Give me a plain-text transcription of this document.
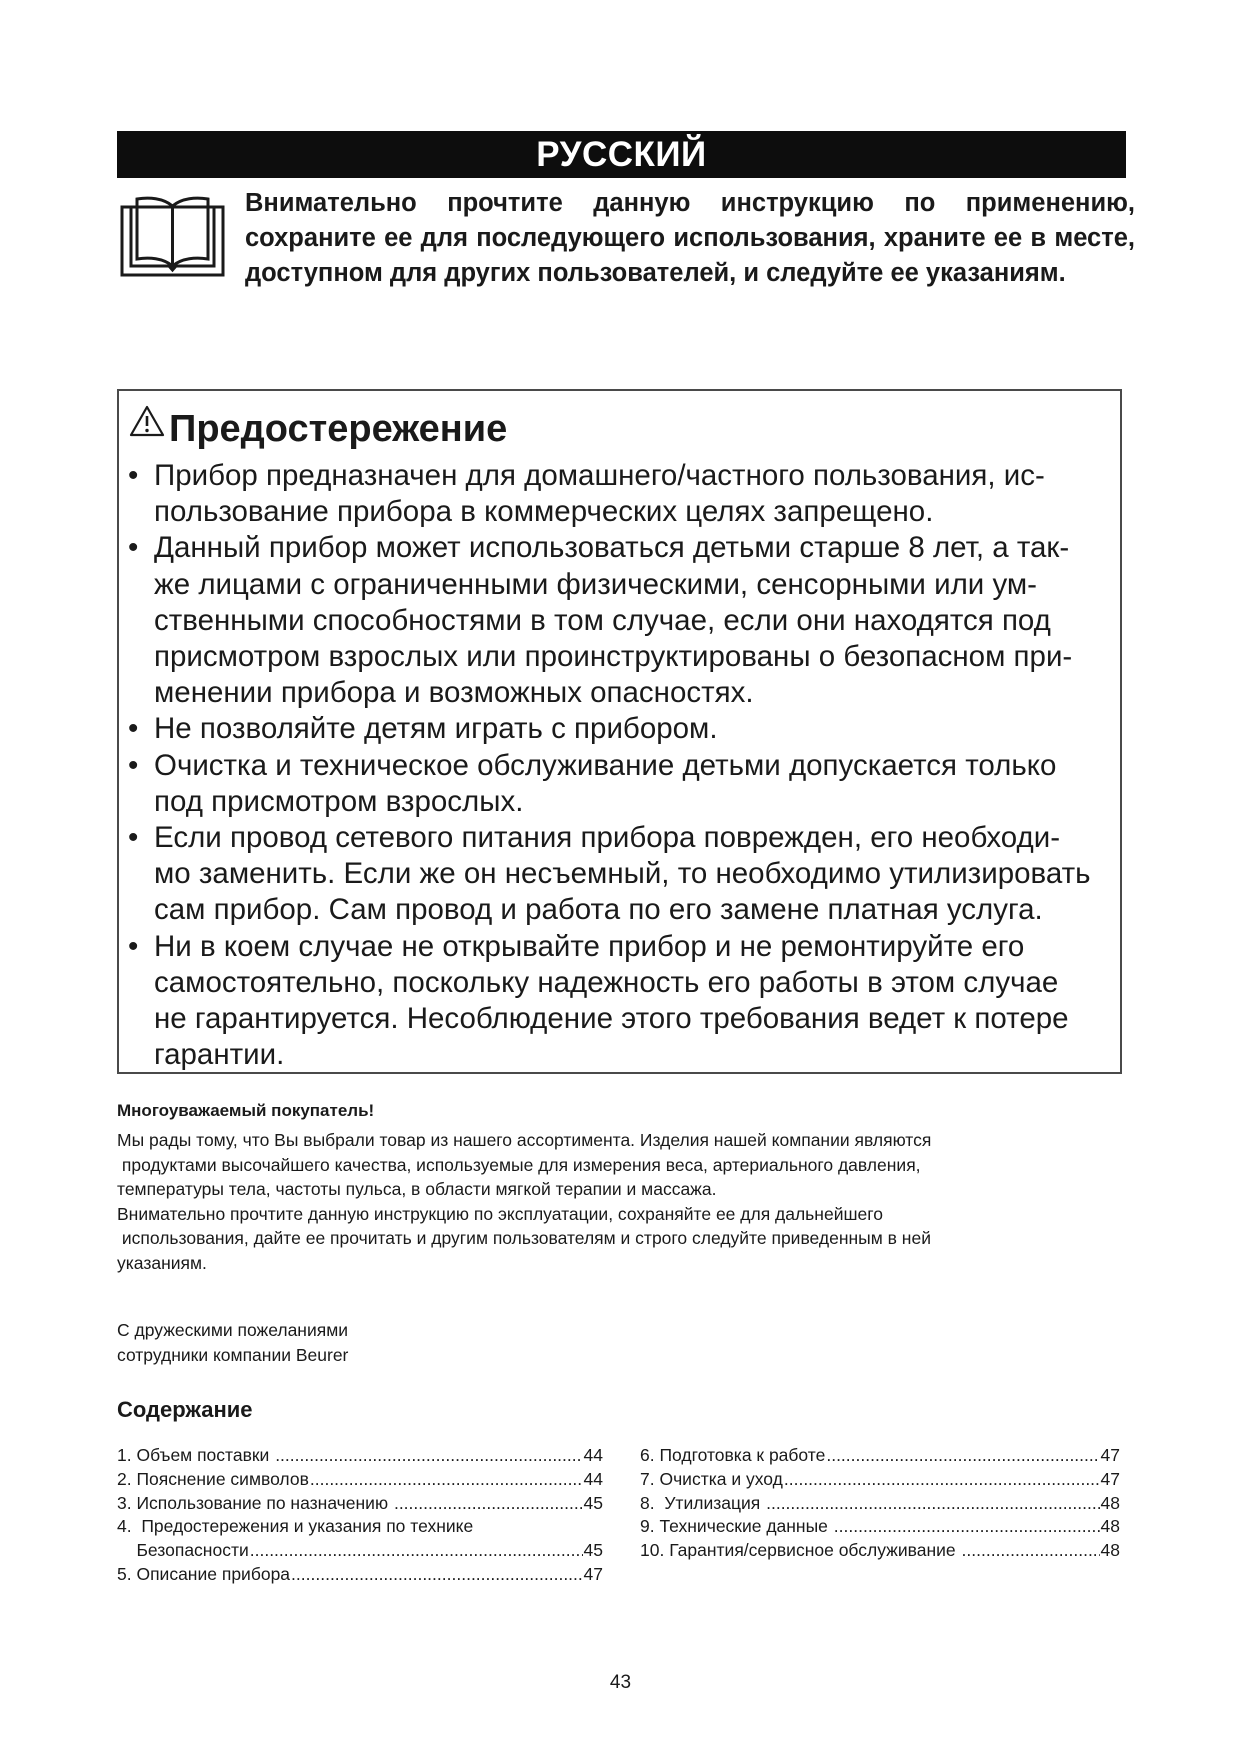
РУССКИЙ
Внимательно прочтите данную инструкцию по применению, сохраните ее для последующего использования, храните ее в месте, доступном для других пользователей, и следуйте ее указаниям.
Предостережение
• Прибор предназначен для домашнего/частного пользования, ис-
пользование прибора в коммерческих целях запрещено.
• Данный прибор может использоваться детьми старше 8 лет, а так-
же лицами с ограниченными физическими, сенсорными или ум-
ственными способностями в том случае, если они находятся под
присмотром взрослых или проинструктированы о безопасном при-
менении прибора и возможных опасностях.
• Не позволяйте детям играть с прибором.
• Очистка и техническое обслуживание детьми допускается только
под присмотром взрослых.
• Если провод сетевого питания прибора поврежден, его необходи-
мо заменить. Если же он несъемный, то необходимо утилизировать
сам прибор. Сам провод и работа по его замене платная услуга.
• Ни в коем случае не открывайте прибор и не ремонтируйте его
самостоятельно, поскольку надежность его работы в этом случае
не гарантируется. Несоблюдение этого требования ведет к потере
гарантии.
Многоуважаемый покупатель!

Мы рады тому, что Вы выбрали товар из нашего ассортимента. Изделия нашей компании являются

продуктами высочайшего качества, используемые для измерения веса, артериального давления,

температуры тела, частоты пульса, в области мягкой терапии и массажа.

Внимательно прочтите данную инструкцию по эксплуатации, сохраняйте ее для дальнейшего

использования, дайте ее прочитать и другим пользователям и строго следуйте приведенным в ней

указаниям.

С дружескими пожеланиями

сотрудники компании Beurer

Содержание
1. Объем поставки .....	44
2. Пояснение символов .....	44
3. Использование по назначению .....	45
4.  Предостережения и указания по технике
Безопасности .....	45
5. Описание прибора .....	47
6. Подготовка к работе .....	47
7. Очистка и уход .....	47
8.  Утилизация .....	48
9. Технические данные .....	48
10. Гарантия/сервисное обслуживание .....	48
43
